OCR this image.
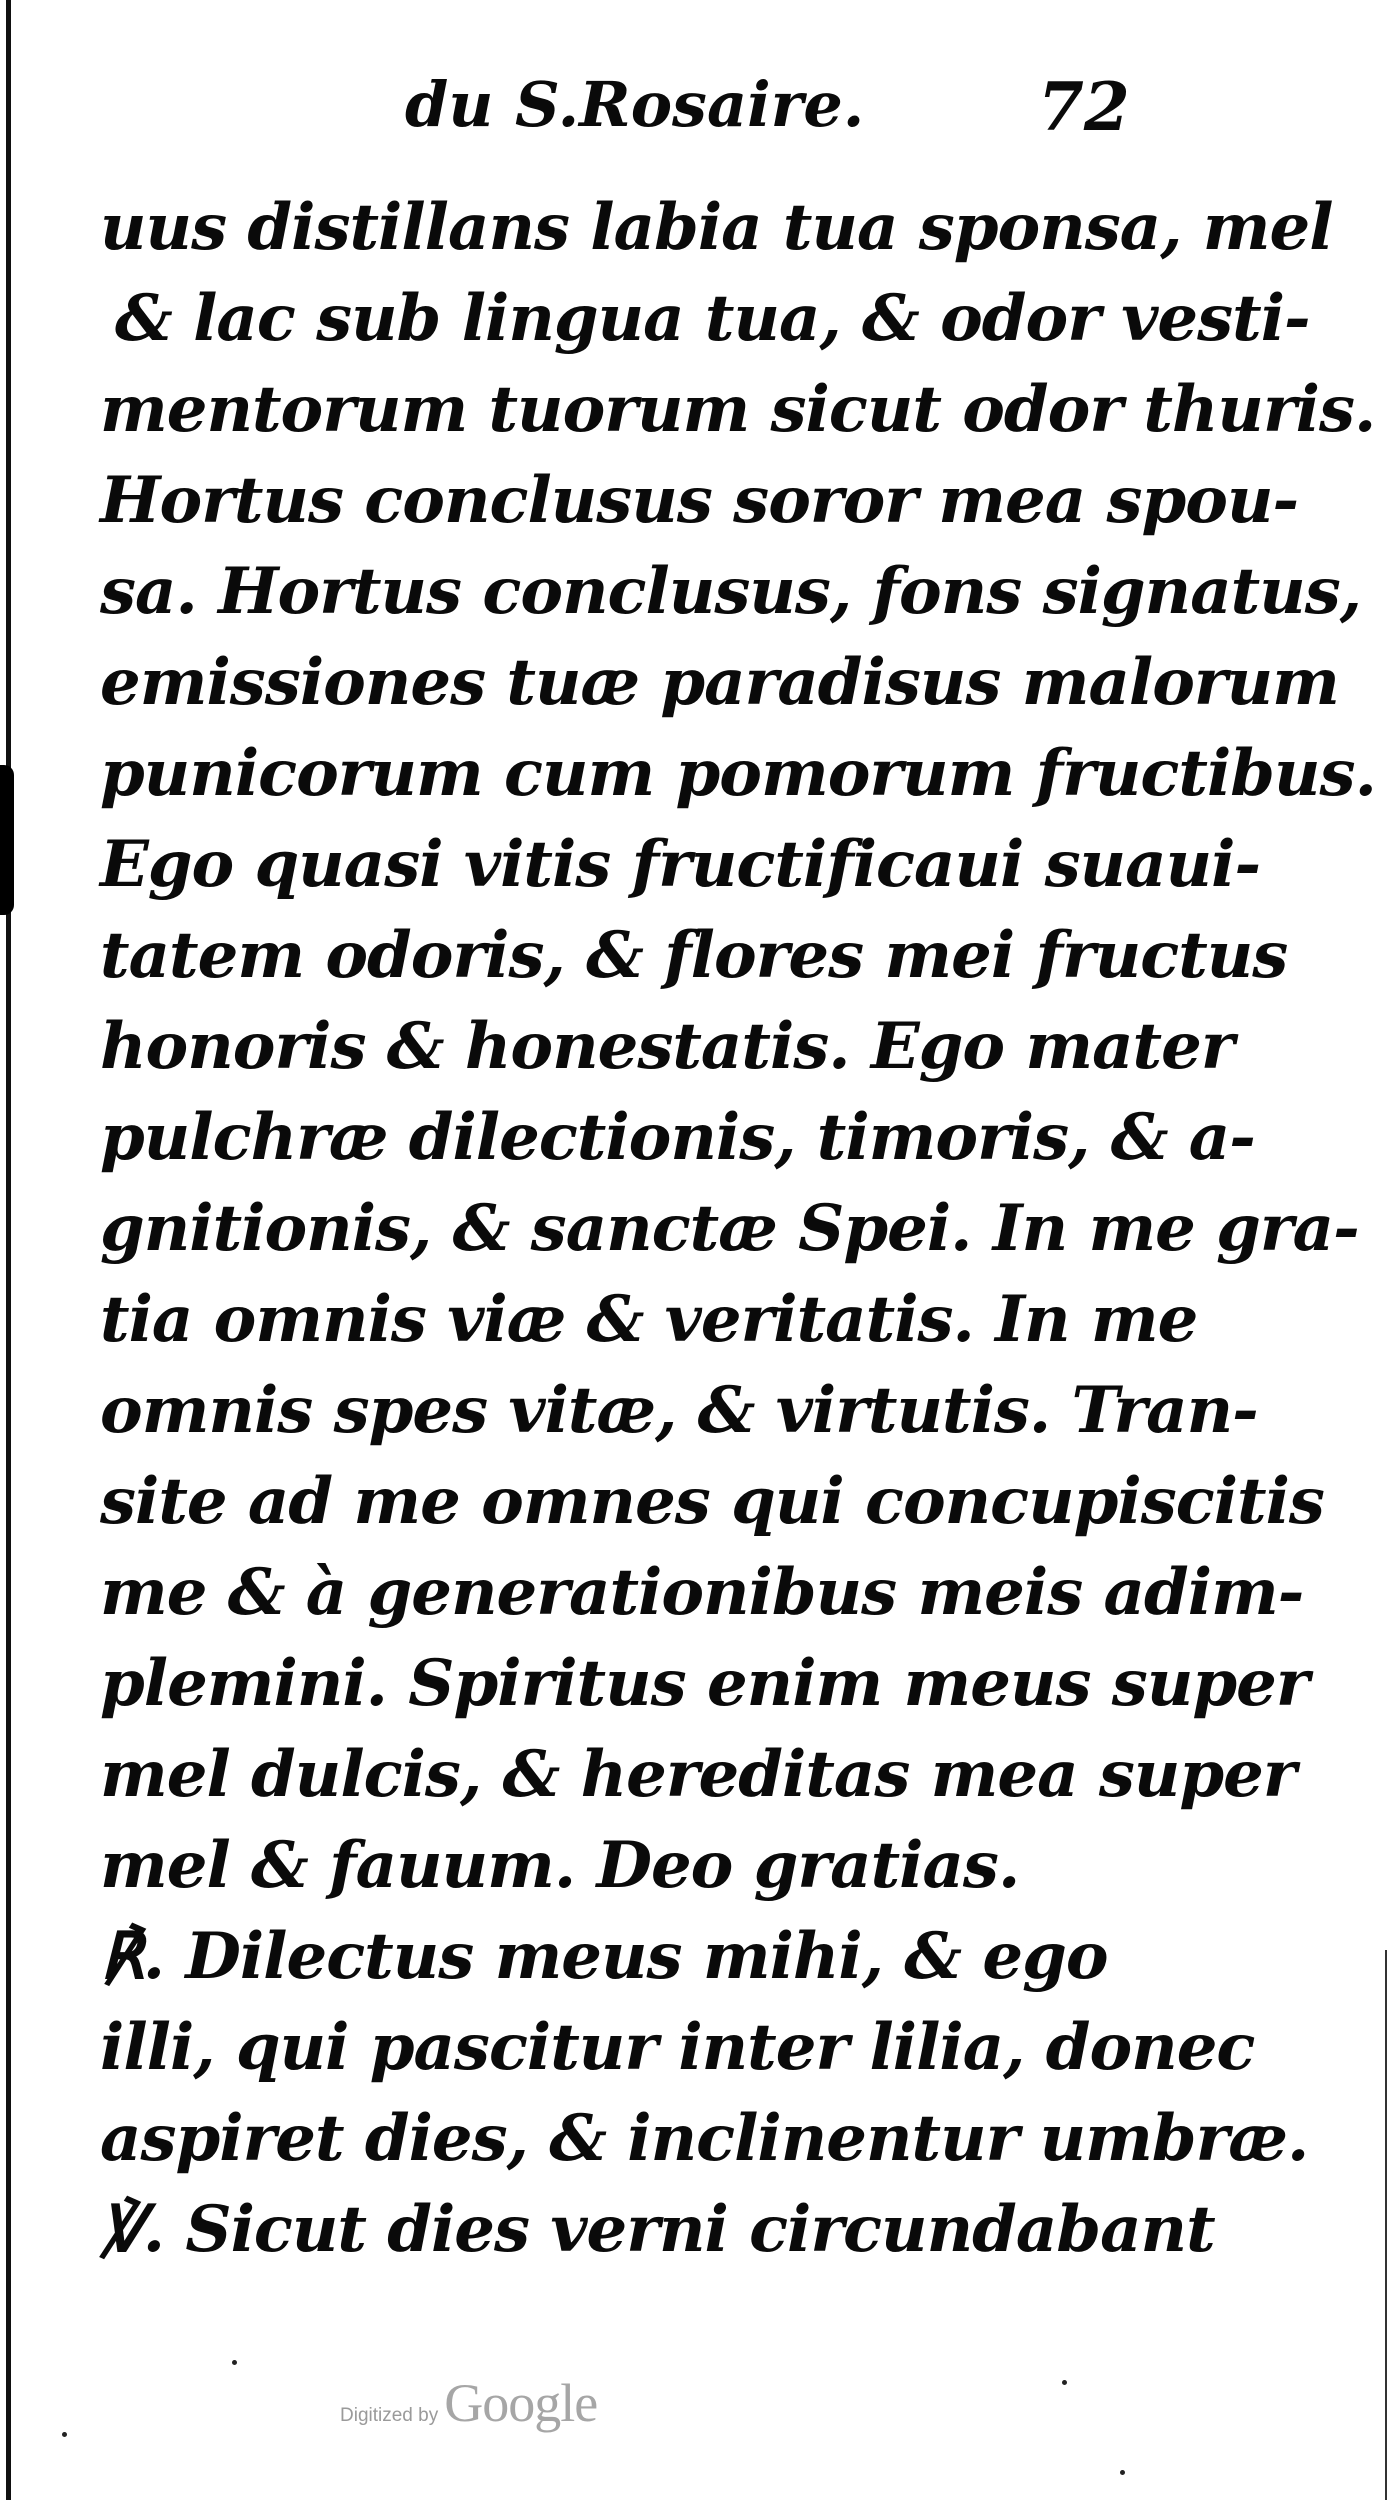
du S.Rosaire.	72
uus distillans labia tua sponsa, mel
& lac sub lingua tua, & odor vesti-
mentorum tuorum sicut odor thuris.
Hortus conclusus soror mea spou-
sa. Hortus conclusus, fons signatus,
emissiones tuæ paradisus malorum
punicorum cum pomorum fructibus.
Ego quasi vitis fructificaui suaui-
tatem odoris, & flores mei fructus
honoris & honestatis. Ego mater
pulchræ dilectionis, timoris, & a-
gnitionis, & sanctæ Spei. In me gra-
tia omnis viæ & veritatis. In me
omnis spes vitæ, & virtutis. Tran-
site ad me omnes qui concupiscitis
me & à generationibus meis adim-
plemini. Spiritus enim meus super
mel dulcis, & hereditas mea super
mel & fauum. Deo gratias.
℟. Dilectus meus mihi, & ego
illi, qui pascitur inter lilia, donec
aspiret dies, & inclinentur umbræ.
℣. Sicut dies verni circundabant
Digitized by Google
